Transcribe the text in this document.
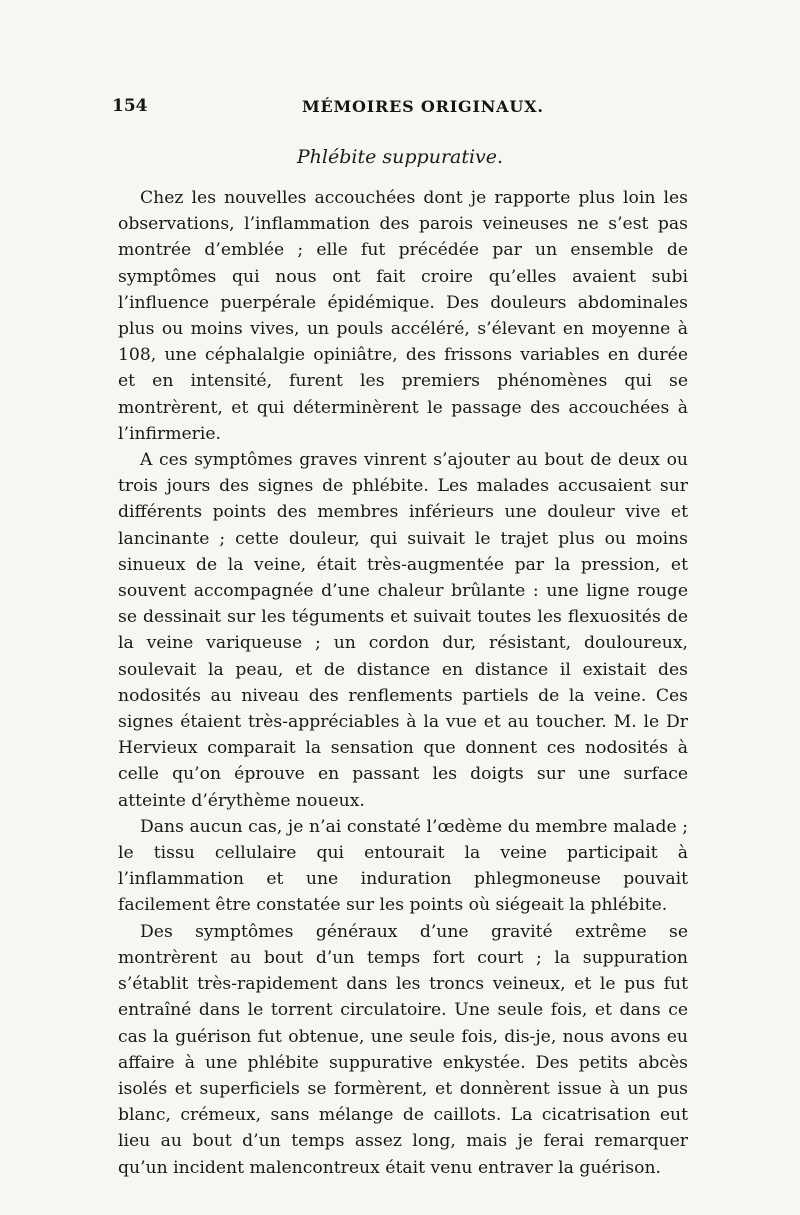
154	MÉMOIRES ORIGINAUX.
Phlébite suppurative.

Chez les nouvelles accouchées dont je rapporte plus loin les observations, l’inflammation des parois veineuses ne s’est pas montrée d’emblée ; elle fut précédée par un ensemble de symptômes qui nous ont fait croire qu’elles avaient subi l’influence puerpérale épidémique. Des douleurs abdominales plus ou moins vives, un pouls accéléré, s’élevant en moyenne à 108, une céphalalgie opiniâtre, des frissons variables en durée et en intensité, furent les premiers phénomènes qui se montrèrent, et qui déterminèrent le passage des accouchées à l’infirmerie.

A ces symptômes graves vinrent s’ajouter au bout de deux ou trois jours des signes de phlébite. Les malades accusaient sur différents points des membres inférieurs une douleur vive et lancinante ; cette douleur, qui suivait le trajet plus ou moins sinueux de la veine, était très-augmentée par la pression, et souvent accompagnée d’une chaleur brûlante : une ligne rouge se dessinait sur les téguments et suivait toutes les flexuosités de la veine variqueuse ; un cordon dur, résistant, douloureux, soulevait la peau, et de distance en distance il existait des nodosités au niveau des renflements partiels de la veine. Ces signes étaient très-appréciables à la vue et au toucher. M. le Dr Hervieux comparait la sensation que donnent ces nodosités à celle qu’on éprouve en passant les doigts sur une surface atteinte d’érythème noueux.

Dans aucun cas, je n’ai constaté l’œdème du membre malade ; le tissu cellulaire qui entourait la veine participait à l’inflammation et une induration phlegmoneuse pouvait facilement être constatée sur les points où siégeait la phlébite.

Des symptômes généraux d’une gravité extrême se montrèrent au bout d’un temps fort court ; la suppuration s’établit très-rapidement dans les troncs veineux, et le pus fut entraîné dans le torrent circulatoire. Une seule fois, et dans ce cas la guérison fut obtenue, une seule fois, dis-je, nous avons eu affaire à une phlébite suppurative enkystée. Des petits abcès isolés et superficiels se formèrent, et donnèrent issue à un pus blanc, crémeux, sans mélange de caillots. La cicatrisation eut lieu au bout d’un temps assez long, mais je ferai remarquer qu’un incident malencontreux était venu entraver la guérison.
